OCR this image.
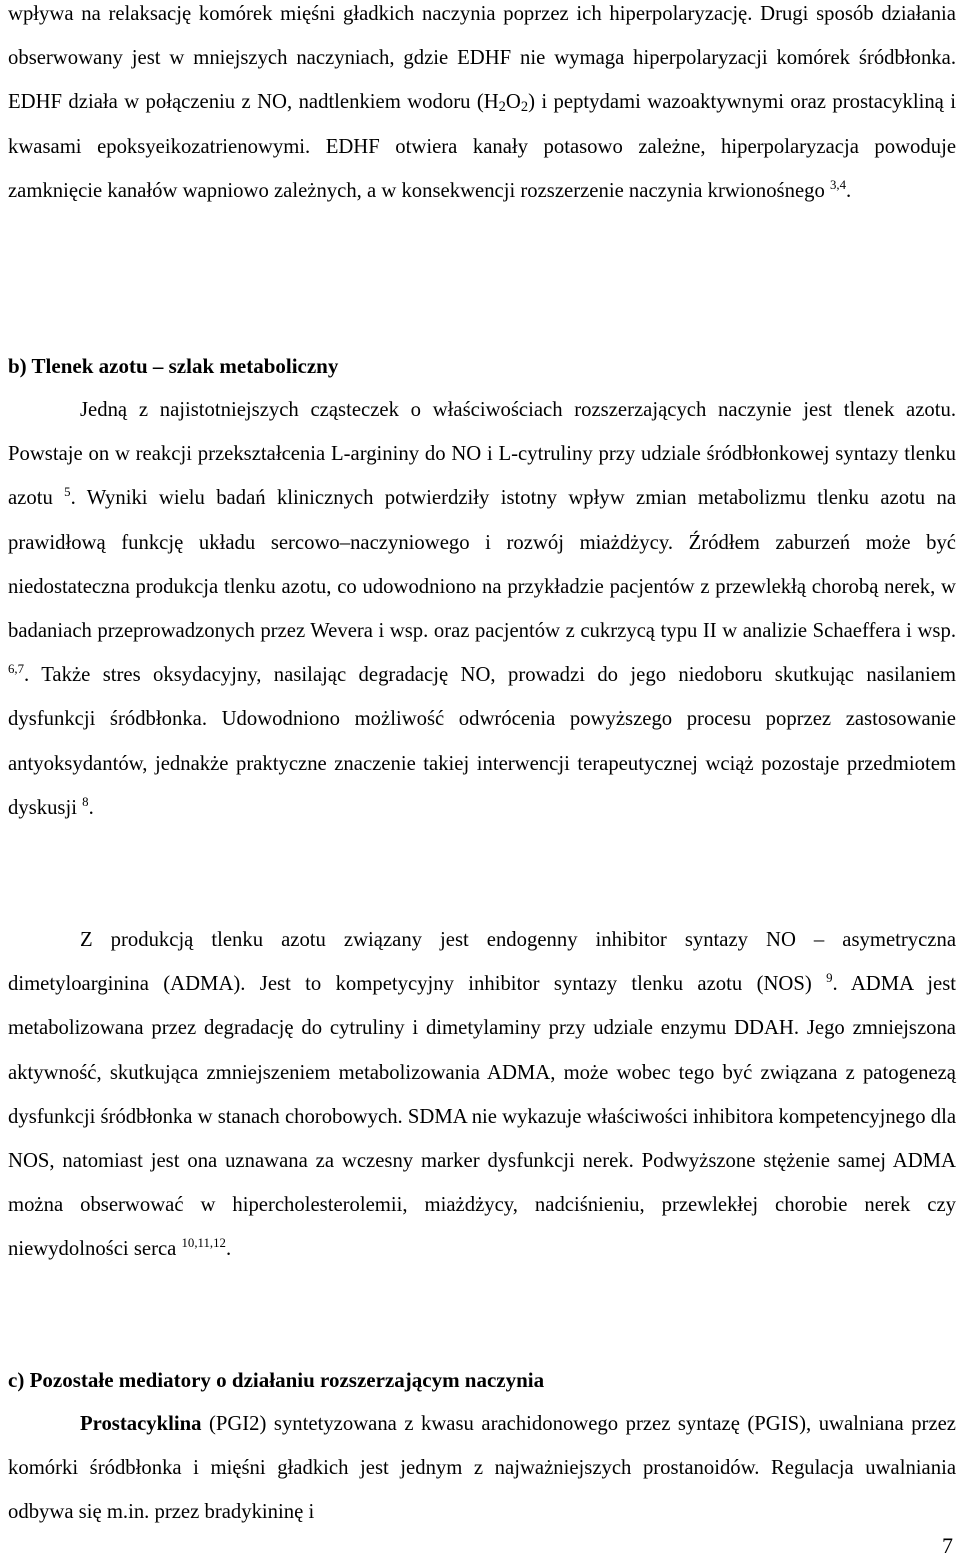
wpływa na relaksację komórek mięśni gładkich naczynia poprzez ich hiperpolaryzację. Drugi sposób działania obserwowany jest w mniejszych naczyniach, gdzie EDHF nie wymaga hiperpolaryzacji komórek śródbłonka. EDHF działa w połączeniu z NO, nadtlenkiem wodoru $(H_2O_2)$ i peptydami wazoaktywnymi oraz prostacykliną i kwasami epoksyeikozatrienowymi. EDHF otwiera kanały potasowo zależne, hiperpolaryzacja powoduje zamknięcie kanałów wapniowo zależnych, a w konsekwencji rozszerzenie naczynia krwionośnego $^{3,4}$.
b) Tlenek azotu – szlak metaboliczny
Jedną z najistotniejszych cząsteczek o właściwościach rozszerzających naczynie jest tlenek azotu. Powstaje on w reakcji przekształcenia L-argininy do NO i L-cytruliny przy udziale śródbłonkowej syntazy tlenku azotu $^5$. Wyniki wielu badań klinicznych potwierdziły istotny wpływ zmian metabolizmu tlenku azotu na prawidłową funkcję układu sercowo–naczyniowego i rozwój miażdżycy. Źródłem zaburzeń może być niedostateczna produkcja tlenku azotu, co udowodniono na przykładzie pacjentów z przewlekłą chorobą nerek, w badaniach przeprowadzonych przez Wevera i wsp. oraz pacjentów z cukrzycą typu II w analizie Schaeffera i wsp. $^{6,7}$. Także stres oksydacyjny, nasilając degradację NO, prowadzi do jego niedoboru skutkując nasilaniem dysfunkcji śródbłonka. Udowodniono możliwość odwrócenia powyższego procesu poprzez zastosowanie antyoksydantów, jednakże praktyczne znaczenie takiej interwencji terapeutycznej wciąż pozostaje przedmiotem dyskusji $^8$.
Z produkcją tlenku azotu związany jest endogenny inhibitor syntazy NO – asymetryczna dimetyloarginina (ADMA). Jest to kompetycyjny inhibitor syntazy tlenku azotu (NOS) $^9$. ADMA jest metabolizowana przez degradację do cytruliny i dimetylaminy przy udziale enzymu DDAH. Jego zmniejszona aktywność, skutkująca zmniejszeniem metabolizowania ADMA, może wobec tego być związana z patogenezą dysfunkcji śródbłonka w stanach chorobowych. SDMA nie wykazuje właściwości inhibitora kompetencyjnego dla NOS, natomiast jest ona uznawana za wczesny marker dysfunkcji nerek. Podwyższone stężenie samej ADMA można obserwować w hipercholesterolemii, miażdżycy, nadciśnieniu, przewlekłej chorobie nerek czy niewydolności serca $^{10,11,12}$.
c) Pozostałe mediatory o działaniu rozszerzającym naczynia
Prostacyklina (PGI2) syntetyzowana z kwasu arachidonowego przez syntazę (PGIS), uwalniana przez komórki śródbłonka i mięśni gładkich jest jednym z najważniejszych prostanoidów. Regulacja uwalniania odbywa się m.in. przez bradykininę i
7
